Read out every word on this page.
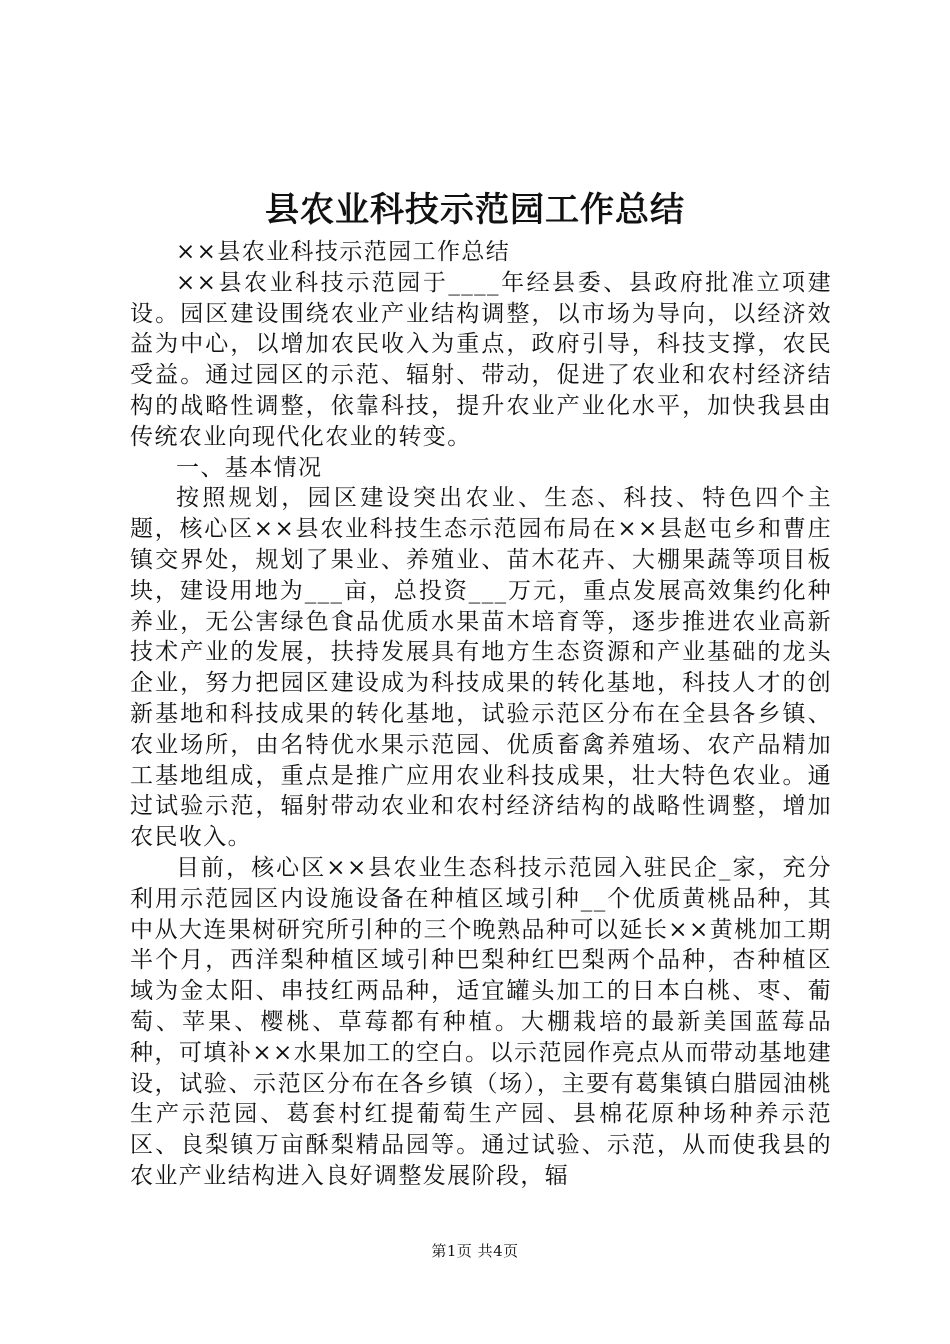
县农业科技示范园工作总结

××县农业科技示范园工作总结

××县农业科技示范园于____年经县委、县政府批准立项建设。园区建设围绕农业产业结构调整，以市场为导向，以经济效益为中心，以增加农民收入为重点，政府引导，科技支撑，农民受益。通过园区的示范、辐射、带动，促进了农业和农村经济结构的战略性调整，依靠科技，提升农业产业化水平，加快我县由传统农业向现代化农业的转变。

一、基本情况

按照规划，园区建设突出农业、生态、科技、特色四个主题，核心区××县农业科技生态示范园布局在××县赵屯乡和曹庄镇交界处，规划了果业、养殖业、苗木花卉、大棚果蔬等项目板块，建设用地为___亩，总投资___万元，重点发展高效集约化种养业，无公害绿色食品优质水果苗木培育等，逐步推进农业高新技术产业的发展，扶持发展具有地方生态资源和产业基础的龙头企业，努力把园区建设成为科技成果的转化基地，科技人才的创新基地和科技成果的转化基地，试验示范区分布在全县各乡镇、农业场所，由名特优水果示范园、优质畜禽养殖场、农产品精加工基地组成，重点是推广应用农业科技成果，壮大特色农业。通过试验示范，辐射带动农业和农村经济结构的战略性调整，增加农民收入。

目前，核心区××县农业生态科技示范园入驻民企_家，充分利用示范园区内设施设备在种植区域引种__个优质黄桃品种，其中从大连果树研究所引种的三个晚熟品种可以延长××黄桃加工期半个月，西洋梨种植区域引种巴梨种红巴梨两个品种，杏种植区域为金太阳、串技红两品种，适宜罐头加工的日本白桃、枣、葡萄、苹果、樱桃、草莓都有种植。大棚栽培的最新美国蓝莓品种，可填补××水果加工的空白。以示范园作亮点从而带动基地建设，试验、示范区分布在各乡镇（场），主要有葛集镇白腊园油桃生产示范园、葛套村红提葡萄生产园、县棉花原种场种养示范区、良梨镇万亩酥梨精品园等。通过试验、示范，从而使我县的农业产业结构进入良好调整发展阶段，辐

第1页 共4页
